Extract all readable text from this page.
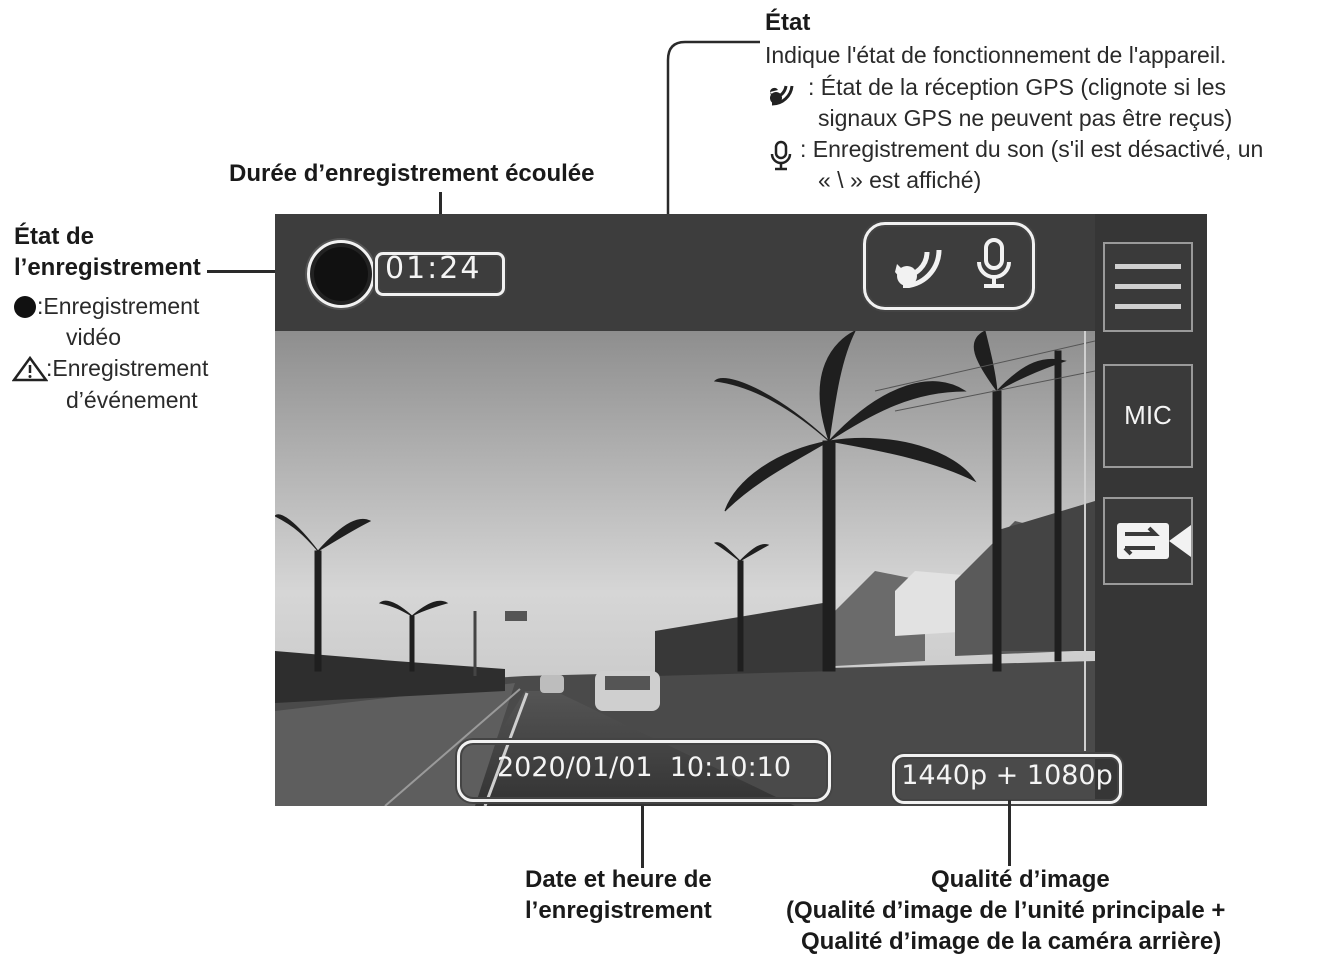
État
Indique l'état de fonctionnement de l'appareil.
: État de la réception GPS (clignote si les
signaux GPS ne peuvent pas être reçus)
: Enregistrement du son (s'il est désactivé, un
« \ » est affiché)
Durée d’enregistrement écoulée
État de
l’enregistrement
:Enregistrement
vidéo
:Enregistrement
d’événement
01:24
MIC
2020/01/01  10:10:10	1440p + 1080p
Date et heure de
l’enregistrement
Qualité d’image
(Qualité d’image de l’unité principale +
Qualité d’image de la caméra arrière)
